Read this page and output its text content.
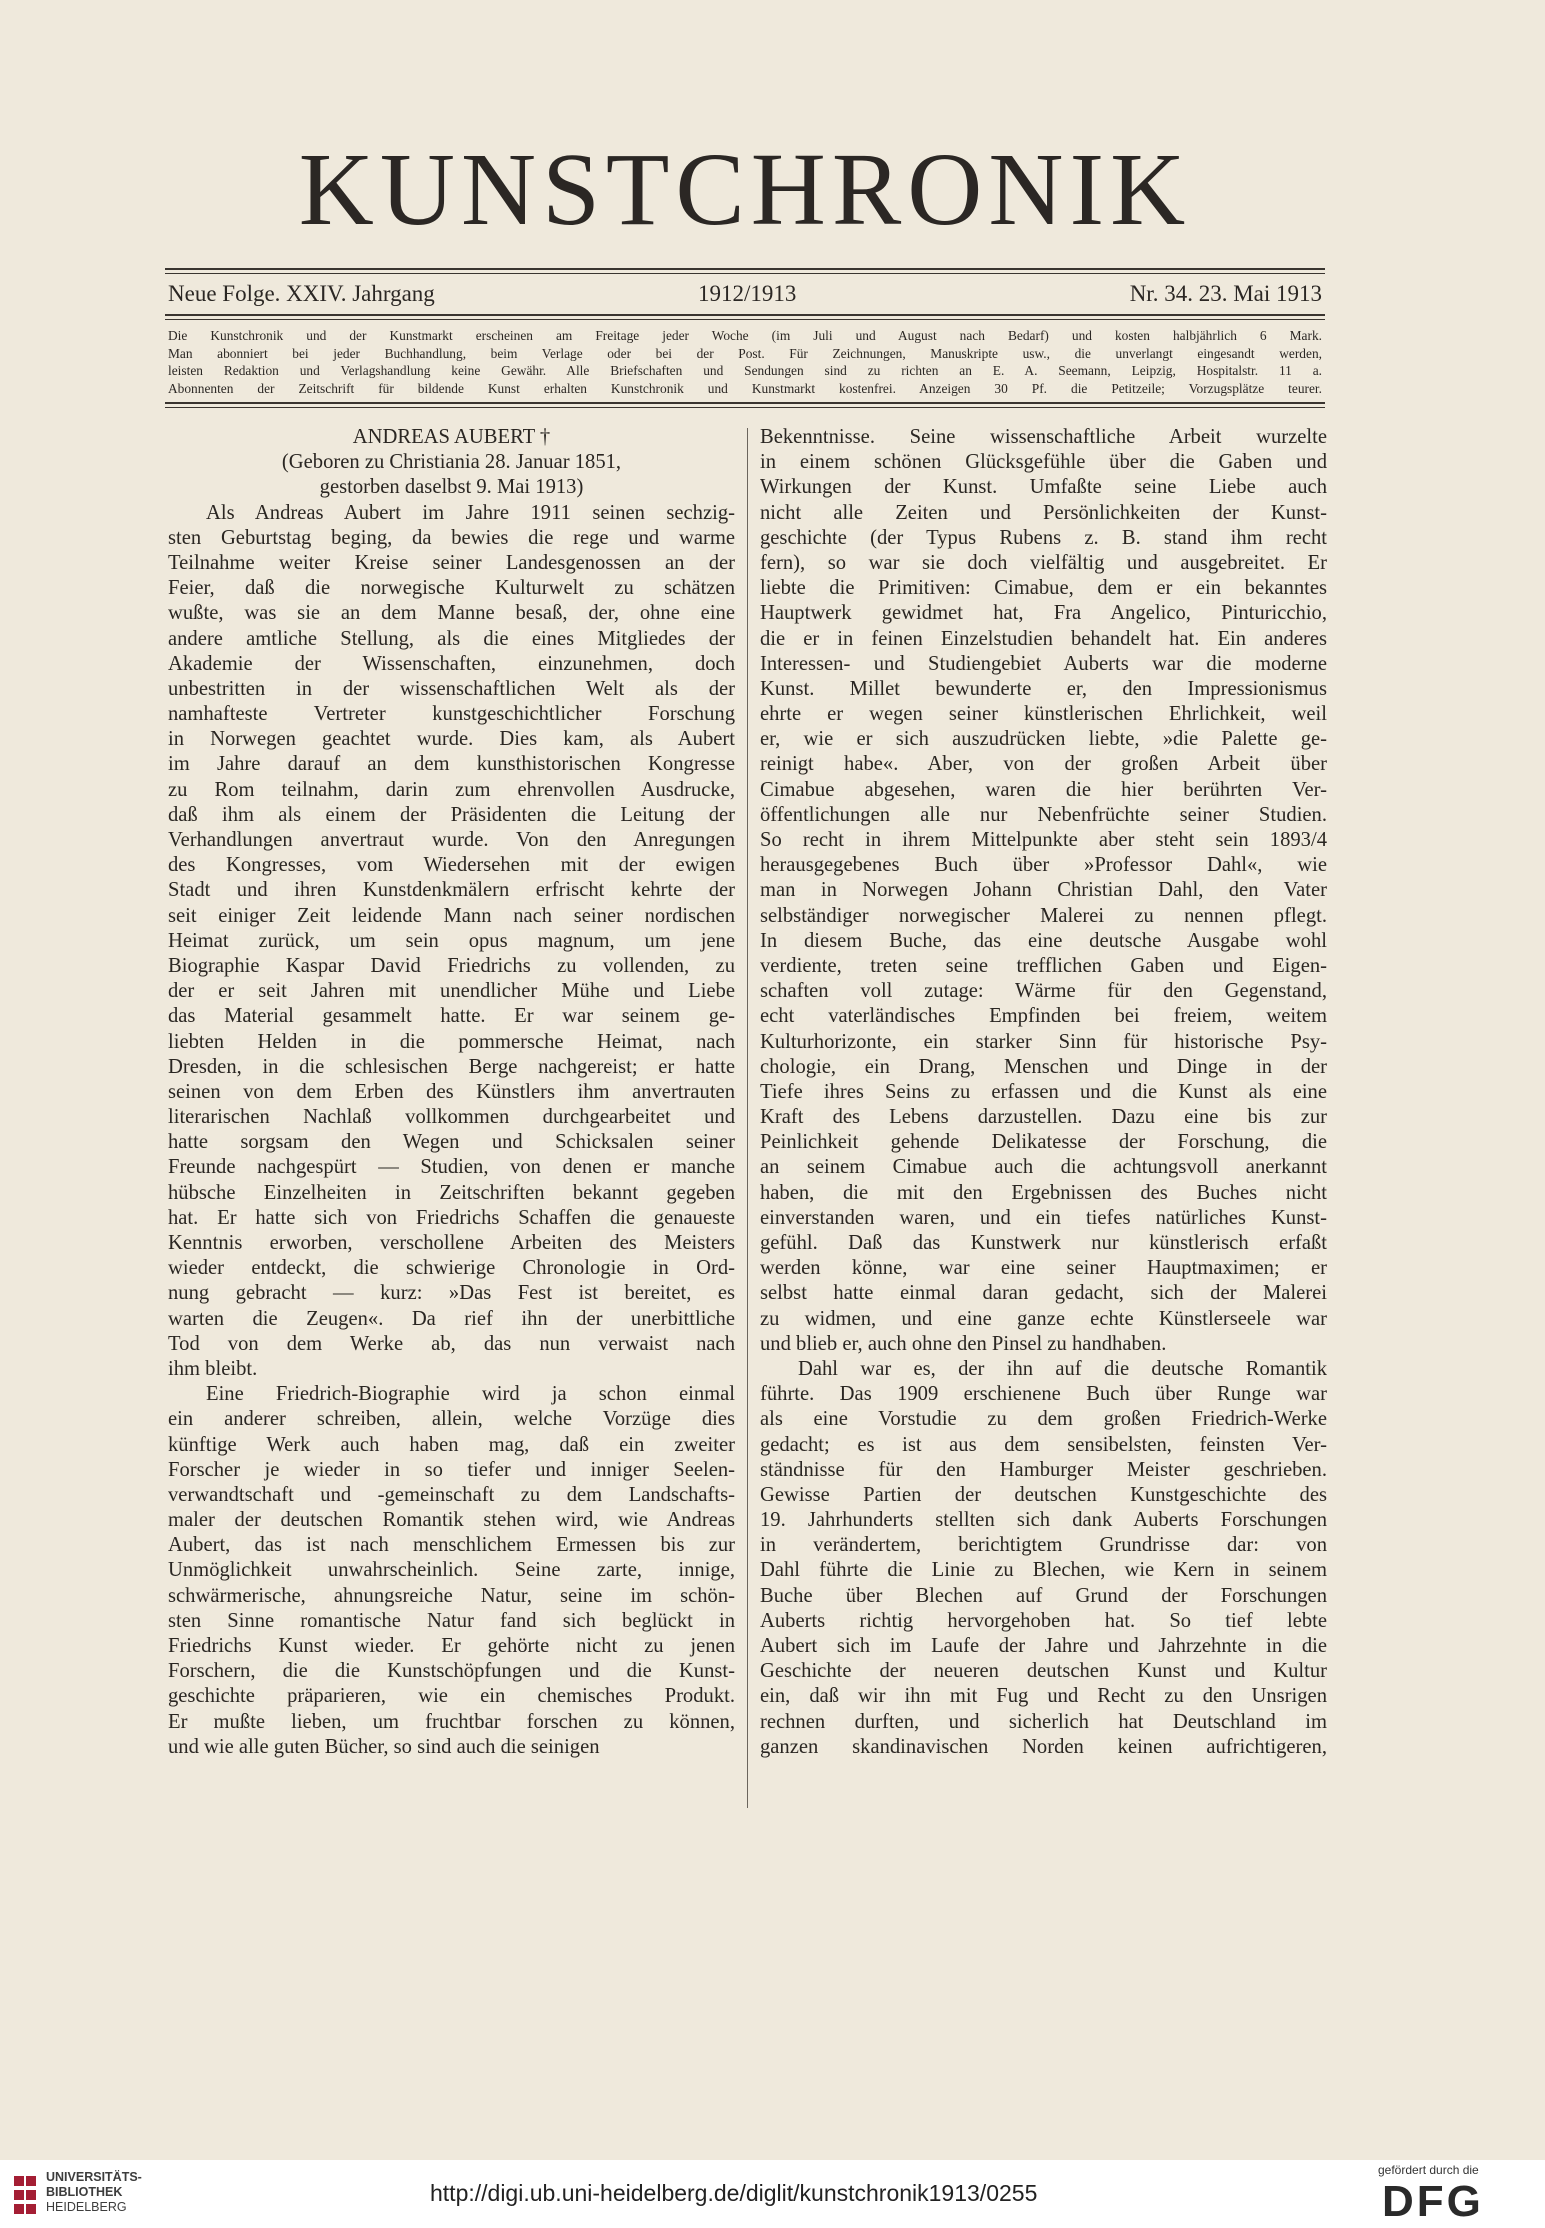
KUNSTCHRONIK
Neue Folge. XXIV. Jahrgang	1912/1913	Nr. 34. 23. Mai 1913
Die Kunstchronik und der Kunstmarkt erscheinen am Freitage jeder Woche (im Juli und August nach Bedarf) und kosten halbjährlich 6 Mark.
Man abonniert bei jeder Buchhandlung, beim Verlage oder bei der Post. Für Zeichnungen, Manuskripte usw., die unverlangt eingesandt werden,
leisten Redaktion und Verlagshandlung keine Gewähr. Alle Briefschaften und Sendungen sind zu richten an E. A. Seemann, Leipzig, Hospitalstr. 11 a.
Abonnenten der Zeitschrift für bildende Kunst erhalten Kunstchronik und Kunstmarkt kostenfrei. Anzeigen 30 Pf. die Petitzeile; Vorzugsplätze teurer.
ANDREAS AUBERT †
(Geboren zu Christiania 28. Januar 1851,
gestorben daselbst 9. Mai 1913)
Als Andreas Aubert im Jahre 1911 seinen sechzig-
sten Geburtstag beging, da bewies die rege und warme
Teilnahme weiter Kreise seiner Landesgenossen an der
Feier, daß die norwegische Kulturwelt zu schätzen
wußte, was sie an dem Manne besaß, der, ohne eine
andere amtliche Stellung, als die eines Mitgliedes der
Akademie der Wissenschaften, einzunehmen, doch
unbestritten in der wissenschaftlichen Welt als der
namhafteste Vertreter kunstgeschichtlicher Forschung
in Norwegen geachtet wurde. Dies kam, als Aubert
im Jahre darauf an dem kunsthistorischen Kongresse
zu Rom teilnahm, darin zum ehrenvollen Ausdrucke,
daß ihm als einem der Präsidenten die Leitung der
Verhandlungen anvertraut wurde. Von den Anregungen
des Kongresses, vom Wiedersehen mit der ewigen
Stadt und ihren Kunstdenkmälern erfrischt kehrte der
seit einiger Zeit leidende Mann nach seiner nordischen
Heimat zurück, um sein opus magnum, um jene
Biographie Kaspar David Friedrichs zu vollenden, zu
der er seit Jahren mit unendlicher Mühe und Liebe
das Material gesammelt hatte. Er war seinem ge-
liebten Helden in die pommersche Heimat, nach
Dresden, in die schlesischen Berge nachgereist; er hatte
seinen von dem Erben des Künstlers ihm anvertrauten
literarischen Nachlaß vollkommen durchgearbeitet und
hatte sorgsam den Wegen und Schicksalen seiner
Freunde nachgespürt — Studien, von denen er manche
hübsche Einzelheiten in Zeitschriften bekannt gegeben
hat. Er hatte sich von Friedrichs Schaffen die genaueste
Kenntnis erworben, verschollene Arbeiten des Meisters
wieder entdeckt, die schwierige Chronologie in Ord-
nung gebracht — kurz: »Das Fest ist bereitet, es
warten die Zeugen«. Da rief ihn der unerbittliche
Tod von dem Werke ab, das nun verwaist nach
ihm bleibt.
Eine Friedrich-Biographie wird ja schon einmal
ein anderer schreiben, allein, welche Vorzüge dies
künftige Werk auch haben mag, daß ein zweiter
Forscher je wieder in so tiefer und inniger Seelen-
verwandtschaft und -gemeinschaft zu dem Landschafts-
maler der deutschen Romantik stehen wird, wie Andreas
Aubert, das ist nach menschlichem Ermessen bis zur
Unmöglichkeit unwahrscheinlich. Seine zarte, innige,
schwärmerische, ahnungsreiche Natur, seine im schön-
sten Sinne romantische Natur fand sich beglückt in
Friedrichs Kunst wieder. Er gehörte nicht zu jenen
Forschern, die die Kunstschöpfungen und die Kunst-
geschichte präparieren, wie ein chemisches Produkt.
Er mußte lieben, um fruchtbar forschen zu können,
und wie alle guten Bücher, so sind auch die seinigen
Bekenntnisse. Seine wissenschaftliche Arbeit wurzelte
in einem schönen Glücksgefühle über die Gaben und
Wirkungen der Kunst. Umfaßte seine Liebe auch
nicht alle Zeiten und Persönlichkeiten der Kunst-
geschichte (der Typus Rubens z. B. stand ihm recht
fern), so war sie doch vielfältig und ausgebreitet. Er
liebte die Primitiven: Cimabue, dem er ein bekanntes
Hauptwerk gewidmet hat, Fra Angelico, Pinturicchio,
die er in feinen Einzelstudien behandelt hat. Ein anderes
Interessen- und Studiengebiet Auberts war die moderne
Kunst. Millet bewunderte er, den Impressionismus
ehrte er wegen seiner künstlerischen Ehrlichkeit, weil
er, wie er sich auszudrücken liebte, »die Palette ge-
reinigt habe«. Aber, von der großen Arbeit über
Cimabue abgesehen, waren die hier berührten Ver-
öffentlichungen alle nur Nebenfrüchte seiner Studien.
So recht in ihrem Mittelpunkte aber steht sein 1893/4
herausgegebenes Buch über »Professor Dahl«, wie
man in Norwegen Johann Christian Dahl, den Vater
selbständiger norwegischer Malerei zu nennen pflegt.
In diesem Buche, das eine deutsche Ausgabe wohl
verdiente, treten seine trefflichen Gaben und Eigen-
schaften voll zutage: Wärme für den Gegenstand,
echt vaterländisches Empfinden bei freiem, weitem
Kulturhorizonte, ein starker Sinn für historische Psy-
chologie, ein Drang, Menschen und Dinge in der
Tiefe ihres Seins zu erfassen und die Kunst als eine
Kraft des Lebens darzustellen. Dazu eine bis zur
Peinlichkeit gehende Delikatesse der Forschung, die
an seinem Cimabue auch die achtungsvoll anerkannt
haben, die mit den Ergebnissen des Buches nicht
einverstanden waren, und ein tiefes natürliches Kunst-
gefühl. Daß das Kunstwerk nur künstlerisch erfaßt
werden könne, war eine seiner Hauptmaximen; er
selbst hatte einmal daran gedacht, sich der Malerei
zu widmen, und eine ganze echte Künstlerseele war
und blieb er, auch ohne den Pinsel zu handhaben.
Dahl war es, der ihn auf die deutsche Romantik
führte. Das 1909 erschienene Buch über Runge war
als eine Vorstudie zu dem großen Friedrich-Werke
gedacht; es ist aus dem sensibelsten, feinsten Ver-
ständnisse für den Hamburger Meister geschrieben.
Gewisse Partien der deutschen Kunstgeschichte des
19. Jahrhunderts stellten sich dank Auberts Forschungen
in verändertem, berichtigtem Grundrisse dar: von
Dahl führte die Linie zu Blechen, wie Kern in seinem
Buche über Blechen auf Grund der Forschungen
Auberts richtig hervorgehoben hat. So tief lebte
Aubert sich im Laufe der Jahre und Jahrzehnte in die
Geschichte der neueren deutschen Kunst und Kultur
ein, daß wir ihn mit Fug und Recht zu den Unsrigen
rechnen durften, und sicherlich hat Deutschland im
ganzen skandinavischen Norden keinen aufrichtigeren,
UNIVERSITÄTS-
BIBLIOTHEK
HEIDELBERG
http://digi.ub.uni-heidelberg.de/diglit/kunstchronik1913/0255
gefördert durch die
DFG
